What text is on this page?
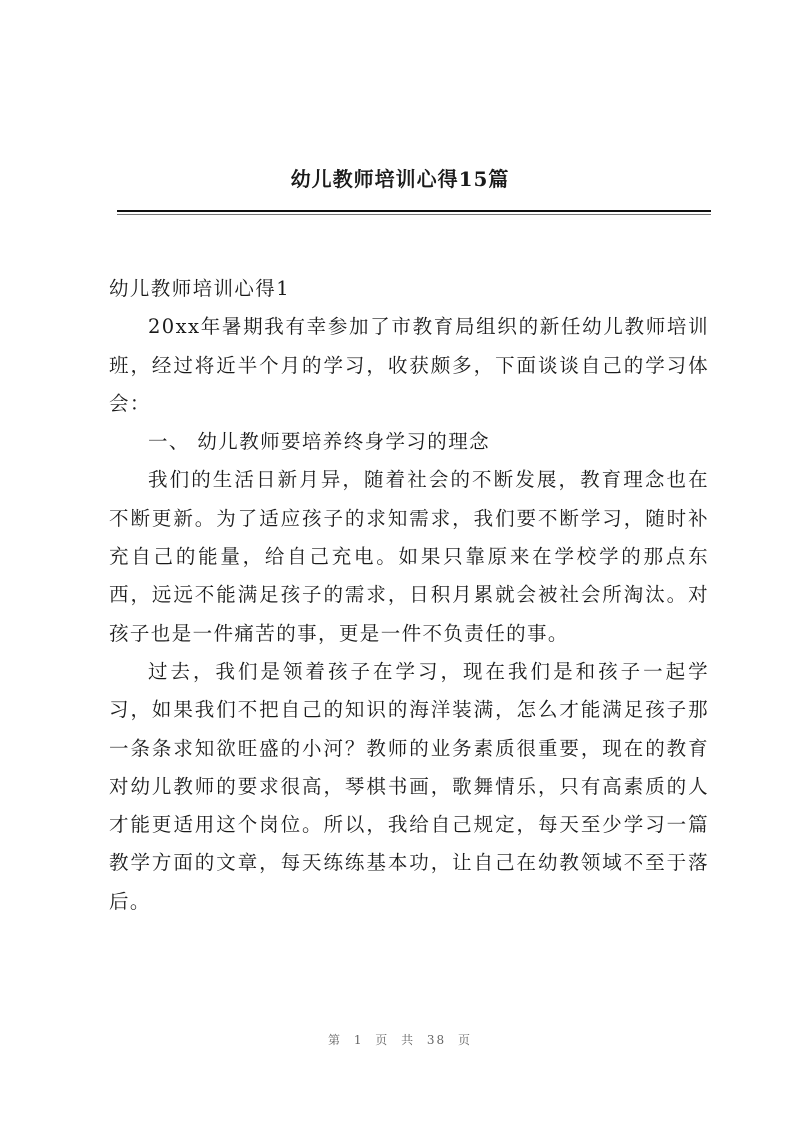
幼儿教师培训心得15篇

幼儿教师培训心得1

20xx年暑期我有幸参加了市教育局组织的新任幼儿教师培训班，经过将近半个月的学习，收获颇多，下面谈谈自己的学习体会：

一、 幼儿教师要培养终身学习的理念

我们的生活日新月异，随着社会的不断发展，教育理念也在不断更新。为了适应孩子的求知需求，我们要不断学习，随时补充自己的能量，给自己充电。如果只靠原来在学校学的那点东西，远远不能满足孩子的需求，日积月累就会被社会所淘汰。对孩子也是一件痛苦的事，更是一件不负责任的事。

过去，我们是领着孩子在学习，现在我们是和孩子一起学习，如果我们不把自己的知识的海洋装满，怎么才能满足孩子那一条条求知欲旺盛的小河？教师的业务素质很重要，现在的教育对幼儿教师的要求很高，琴棋书画，歌舞情乐，只有高素质的人才能更适用这个岗位。所以，我给自己规定，每天至少学习一篇教学方面的文章，每天练练基本功，让自己在幼教领域不至于落后。

第 1 页 共 38 页
